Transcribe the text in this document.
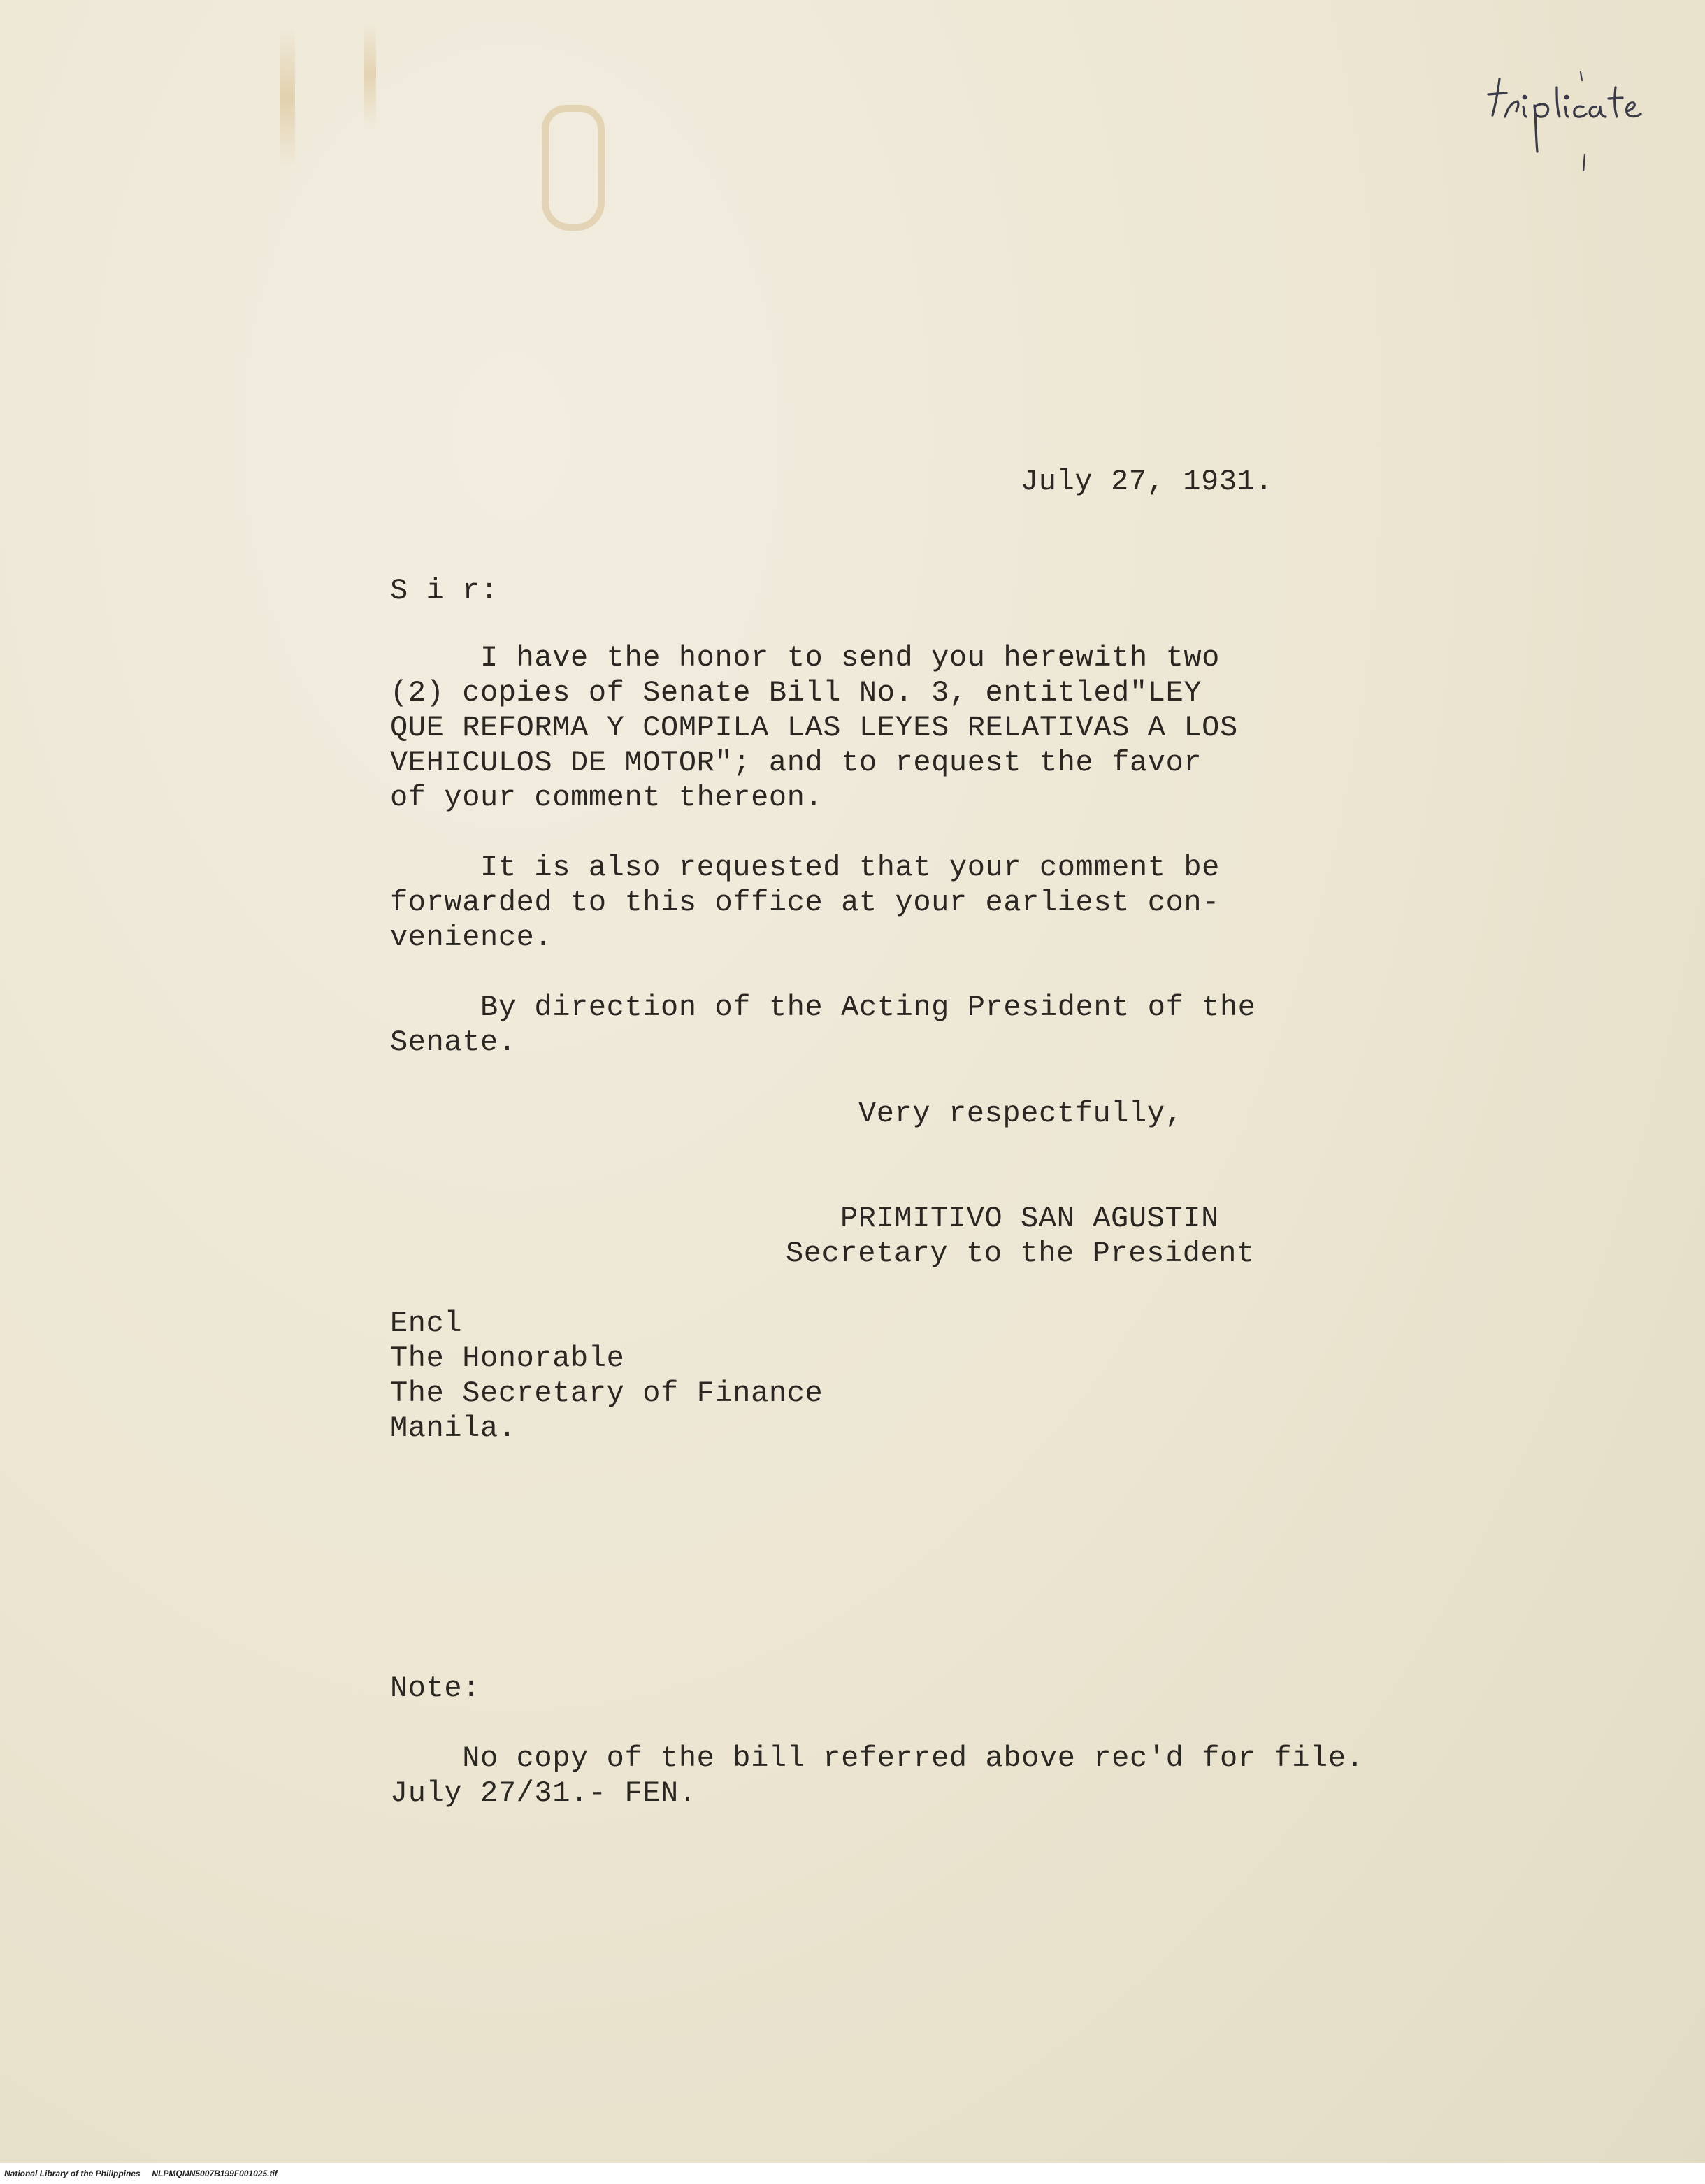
July 27, 1931.
S i r:
I have the honor to send you herewith two
(2) copies of Senate Bill No. 3, entitled"LEY
QUE REFORMA Y COMPILA LAS LEYES RELATIVAS A LOS
VEHICULOS DE MOTOR"; and to request the favor
of your comment thereon.
It is also requested that your comment be
forwarded to this office at your earliest con-
venience.
By direction of the Acting President of the
Senate.
Very respectfully,
PRIMITIVO SAN AGUSTIN
Secretary to the President
Encl
The Honorable
The Secretary of Finance
Manila.
Note:
No copy of the bill referred above rec'd for file.
July 27/31.- FEN.
National Library of the Philippines NLPMQMN5007B199F001025.tif
